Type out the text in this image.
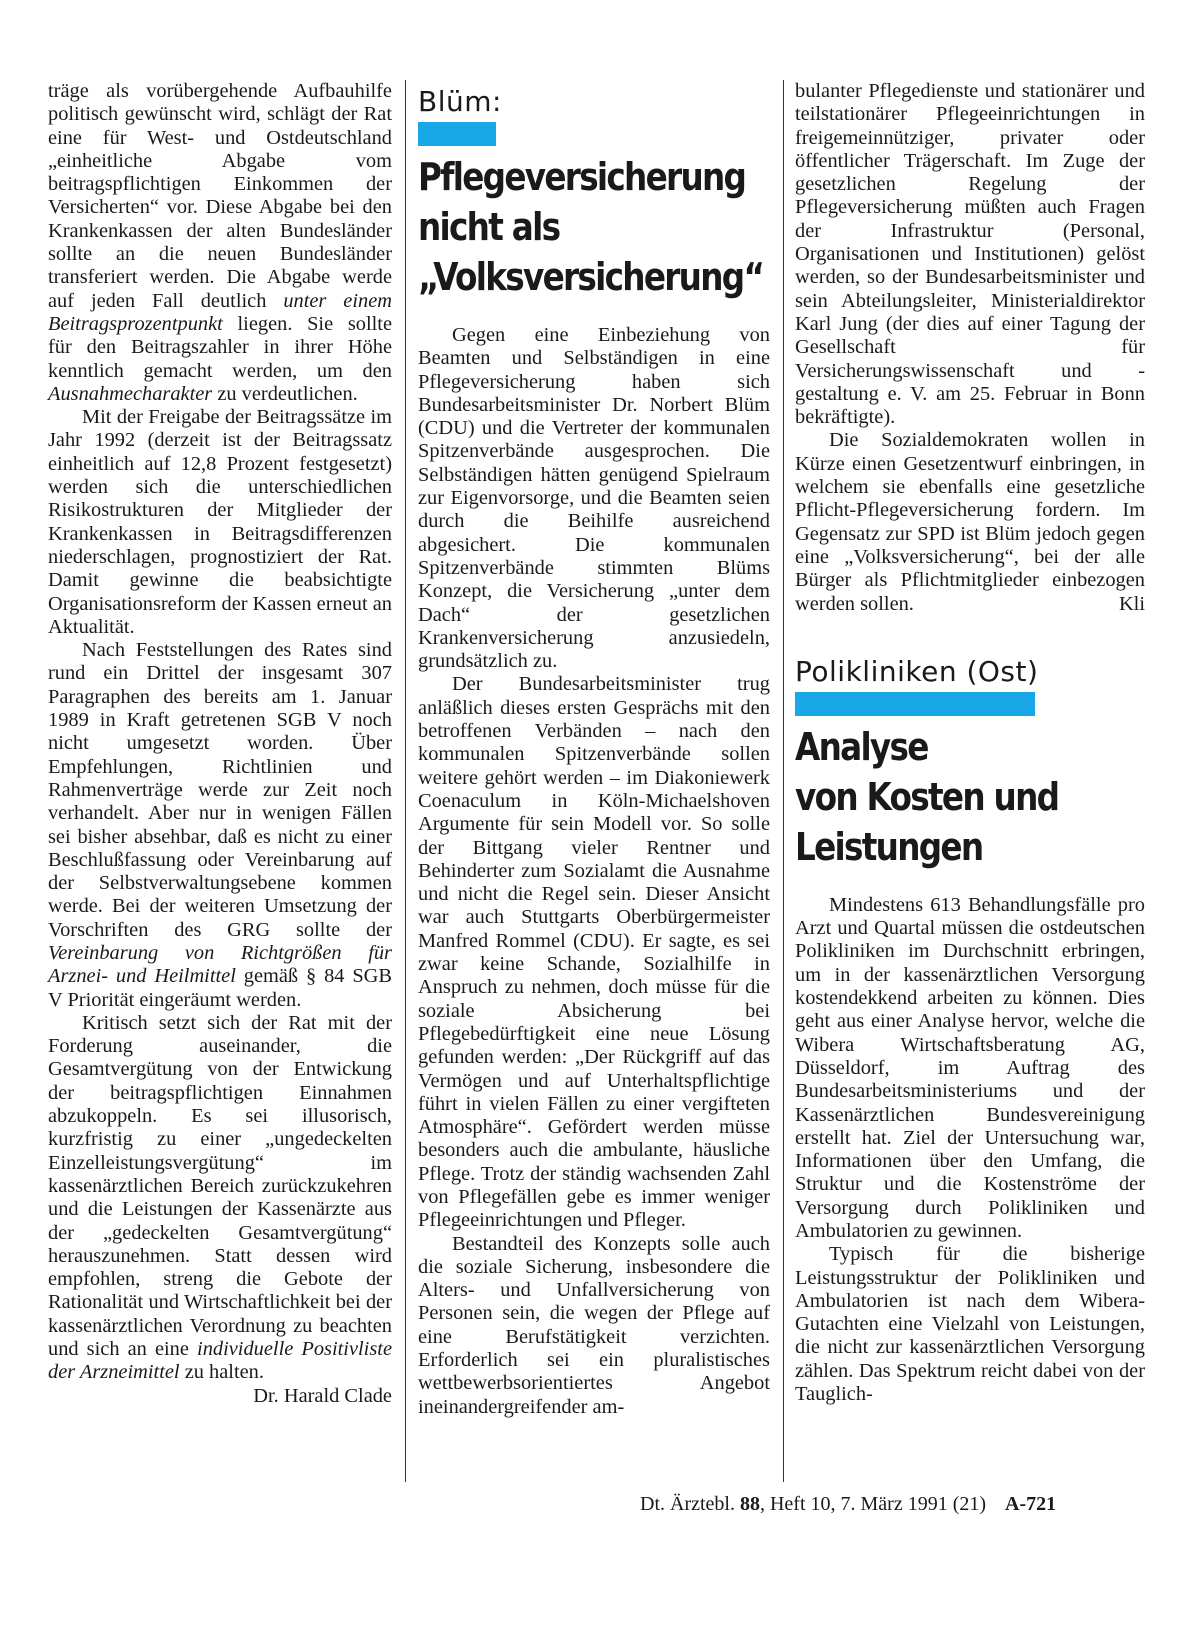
träge als vorübergehende Aufbauhilfe politisch gewünscht wird, schlägt der Rat eine für West- und Ostdeutschland „einheitliche Abgabe vom beitragspflichtigen Einkommen der Versicherten“ vor. Diese Abgabe bei den Krankenkassen der alten Bundesländer sollte an die neuen Bundesländer transferiert werden. Die Abgabe werde auf jeden Fall deutlich unter einem Beitragsprozentpunkt liegen. Sie sollte für den Beitragszahler in ihrer Höhe kenntlich gemacht werden, um den Ausnahmecharakter zu verdeutlichen.

Mit der Freigabe der Beitragssätze im Jahr 1992 (derzeit ist der Beitragssatz einheitlich auf 12,8 Prozent festgesetzt) werden sich die unterschiedlichen Risikostrukturen der Mitglieder der Krankenkassen in Beitragsdifferenzen niederschlagen, prognostiziert der Rat. Damit gewinne die beabsichtigte Organisationsreform der Kassen erneut an Aktualität.

Nach Feststellungen des Rates sind rund ein Drittel der insgesamt 307 Paragraphen des bereits am 1. Januar 1989 in Kraft getretenen SGB V noch nicht umgesetzt worden. Über Empfehlungen, Richtlinien und Rahmenverträge werde zur Zeit noch verhandelt. Aber nur in wenigen Fällen sei bisher absehbar, daß es nicht zu einer Beschlußfassung oder Vereinbarung auf der Selbstverwaltungsebene kommen werde. Bei der weiteren Umsetzung der Vorschriften des GRG sollte der Vereinbarung von Richtgrößen für Arznei- und Heilmittel gemäß § 84 SGB V Priorität eingeräumt werden.

Kritisch setzt sich der Rat mit der Forderung auseinander, die Gesamtvergütung von der Entwickung der beitragspflichtigen Einnahmen abzukoppeln. Es sei illusorisch, kurzfristig zu einer „ungedeckelten Einzelleistungsvergütung“ im kassenärztlichen Bereich zurückzukehren und die Leistungen der Kassenärzte aus der „gedeckelten Gesamtvergütung“ herauszunehmen. Statt dessen wird empfohlen, streng die Gebote der Rationalität und Wirtschaftlichkeit bei der kassenärztlichen Verordnung zu beachten und sich an eine individuelle Positivliste der Arzneimittel zu halten.
Dr. Harald Clade

Blüm:
Pflegeversicherung
nicht als
„Volksversicherung“

Gegen eine Einbeziehung von Beamten und Selbständigen in eine Pflegeversicherung haben sich Bundesarbeitsminister Dr. Norbert Blüm (CDU) und die Vertreter der kommunalen Spitzenverbände ausgesprochen. Die Selbständigen hätten genügend Spielraum zur Eigenvorsorge, und die Beamten seien durch die Beihilfe ausreichend abgesichert. Die kommunalen Spitzenverbände stimmten Blüms Konzept, die Versicherung „unter dem Dach“ der gesetzlichen Krankenversicherung anzusiedeln, grundsätzlich zu.

Der Bundesarbeitsminister trug anläßlich dieses ersten Gesprächs mit den betroffenen Verbänden – nach den kommunalen Spitzenverbände sollen weitere gehört werden – im Diakoniewerk Coenaculum in Köln-Michaelshoven Argumente für sein Modell vor. So solle der Bittgang vieler Rentner und Behinderter zum Sozialamt die Ausnahme und nicht die Regel sein. Dieser Ansicht war auch Stuttgarts Oberbürgermeister Manfred Rommel (CDU). Er sagte, es sei zwar keine Schande, Sozialhilfe in Anspruch zu nehmen, doch müsse für die soziale Absicherung bei Pflegebedürftigkeit eine neue Lösung gefunden werden: „Der Rückgriff auf das Vermögen und auf Unterhaltspflichtige führt in vielen Fällen zu einer vergifteten Atmosphäre“. Gefördert werden müsse besonders auch die ambulante, häusliche Pflege. Trotz der ständig wachsenden Zahl von Pflegefällen gebe es immer weniger Pflegeeinrichtungen und Pfleger.

Bestandteil des Konzepts solle auch die soziale Sicherung, insbesondere die Alters- und Unfallversicherung von Personen sein, die wegen der Pflege auf eine Berufstätigkeit verzichten. Erforderlich sei ein pluralistisches wettbewerbsorientiertes Angebot ineinandergreifender am-

bulanter Pflegedienste und stationärer und teilstationärer Pflegeeinrichtungen in freigemeinnütziger, privater oder öffentlicher Trägerschaft. Im Zuge der gesetzlichen Regelung der Pflegeversicherung müßten auch Fragen der Infrastruktur (Personal, Organisationen und Institutionen) gelöst werden, so der Bundesarbeitsminister und sein Abteilungsleiter, Ministerialdirektor Karl Jung (der dies auf einer Tagung der Gesellschaft für Versicherungswissenschaft und -gestaltung e. V. am 25. Februar in Bonn bekräftigte).

Die Sozialdemokraten wollen in Kürze einen Gesetzentwurf einbringen, in welchem sie ebenfalls eine gesetzliche Pflicht-Pflegeversicherung fordern. Im Gegensatz zur SPD ist Blüm jedoch gegen eine „Volksversicherung“, bei der alle Bürger als Pflichtmitglieder einbezogen werden sollen.	Kli

Polikliniken (Ost)
Analyse
von Kosten und
Leistungen

Mindestens 613 Behandlungsfälle pro Arzt und Quartal müssen die ostdeutschen Polikliniken im Durchschnitt erbringen, um in der kassenärztlichen Versorgung kostendekkend arbeiten zu können. Dies geht aus einer Analyse hervor, welche die Wibera Wirtschaftsberatung AG, Düsseldorf, im Auftrag des Bundesarbeitsministeriums und der Kassenärztlichen Bundesvereinigung erstellt hat. Ziel der Untersuchung war, Informationen über den Umfang, die Struktur und die Kostenströme der Versorgung durch Polikliniken und Ambulatorien zu gewinnen.

Typisch für die bisherige Leistungsstruktur der Polikliniken und Ambulatorien ist nach dem Wibera-Gutachten eine Vielzahl von Leistungen, die nicht zur kassenärztlichen Versorgung zählen. Das Spektrum reicht dabei von der Tauglich-

Dt. Ärztebl. 88, Heft 10, 7. März 1991 (21) A-721
